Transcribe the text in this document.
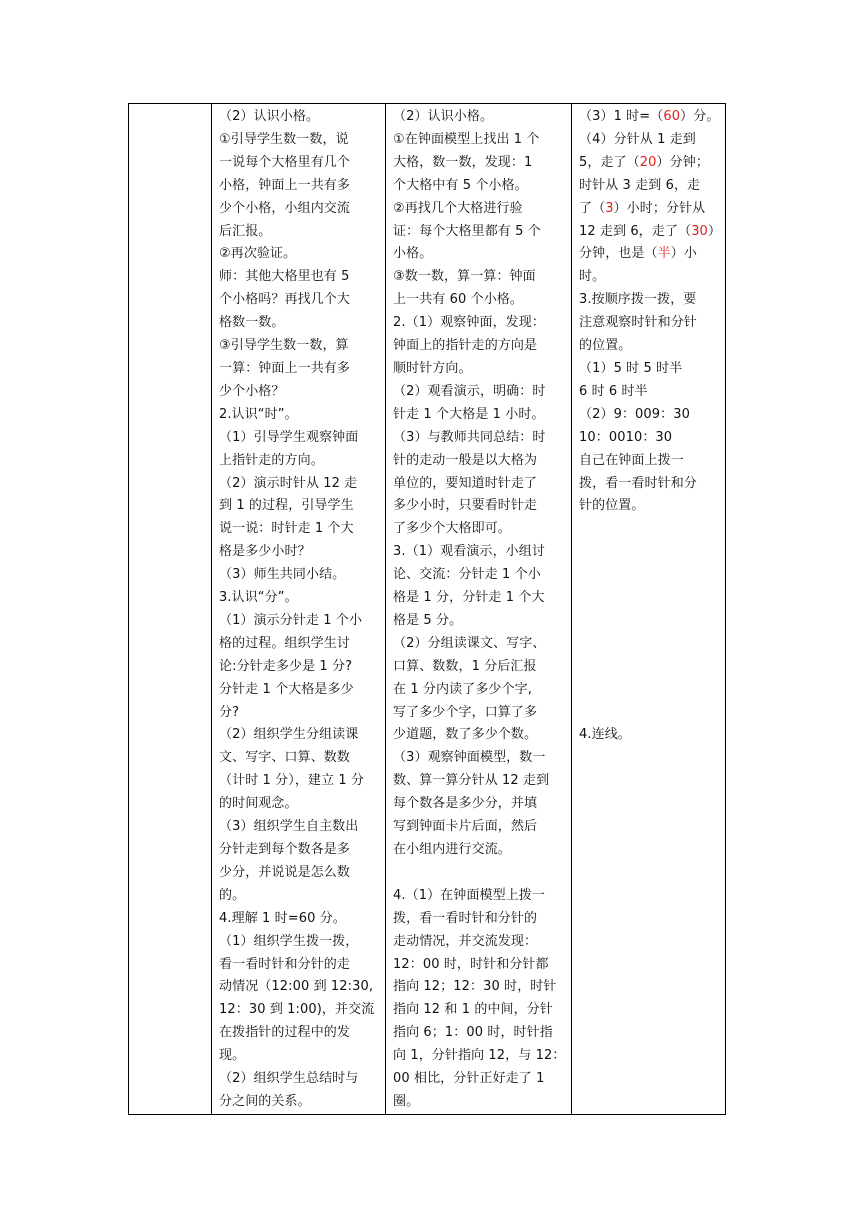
（2）认识小格。
①引导学生数一数，说
一说每个大格里有几个
小格，钟面上一共有多
少个小格，小组内交流
后汇报。
②再次验证。
师：其他大格里也有 5
个小格吗？再找几个大
格数一数。
③引导学生数一数，算
一算：钟面上一共有多
少个小格？
2.认识“时”。
（1）引导学生观察钟面
上指针走的方向。
（2）演示时针从 12 走
到 1 的过程，引导学生
说一说：时针走 1 个大
格是多少小时？
（3）师生共同小结。
3.认识“分”。
（1）演示分针走 1 个小
格的过程。组织学生讨
论:分针走多少是 1 分?
分针走 1 个大格是多少
分?
（2）组织学生分组读课
文、写字、口算、数数
（计时 1 分），建立 1 分
的时间观念。
（3）组织学生自主数出
分针走到每个数各是多
少分，并说说是怎么数
的。
4.理解 1 时=60 分。
（1）组织学生拨一拨，
看一看时针和分针的走
动情况（12:00 到 12:30,
12：30 到 1:00)，并交流
在拨指针的过程中的发
现。
（2）组织学生总结时与
分之间的关系。

（2）认识小格。
①在钟面模型上找出 1 个
大格，数一数，发现：1
个大格中有 5 个小格。
②再找几个大格进行验
证：每个大格里都有 5 个
小格。
③数一数，算一算：钟面
上一共有 60 个小格。
2.（1）观察钟面，发现：
钟面上的指针走的方向是
顺时针方向。
（2）观看演示，明确：时
针走 1 个大格是 1 小时。
（3）与教师共同总结：时
针的走动一般是以大格为
单位的，要知道时针走了
多少小时，只要看时针走
了多少个大格即可。
3.（1）观看演示，小组讨
论、交流：分针走 1 个小
格是 1 分，分针走 1 个大
格是 5 分。
（2）分组读课文、写字、
口算、数数，1 分后汇报
在 1 分内读了多少个字,
写了多少个字，口算了多
少道题，数了多少个数。
（3）观察钟面模型，数一
数、算一算分针从 12 走到
每个数各是多少分，并填
写到钟面卡片后面，然后
在小组内进行交流。
4.（1）在钟面模型上拨一
拨，看一看时针和分针的
走动情况，并交流发现：
12：00 时，时针和分针都
指向 12；12：30 时，时针
指向 12 和 1 的中间，分针
指向 6；1：00 时，时针指
向 1，分针指向 12，与 12：
00 相比，分针正好走了 1
圈。

（3）1 时=（60）分。
（4）分针从 1 走到
5，走了（20）分钟；
时针从 3 走到 6，走
了（3）小时；分针从
12 走到 6，走了（30）
分钟，也是（半）小
时。
3.按顺序拨一拨，要
注意观察时针和分针
的位置。
（1）5 时 5 时半
6 时 6 时半
（2）9：009：30
10：0010：30
自己在钟面上拨一
拨，看一看时针和分
针的位置。
4.连线。
